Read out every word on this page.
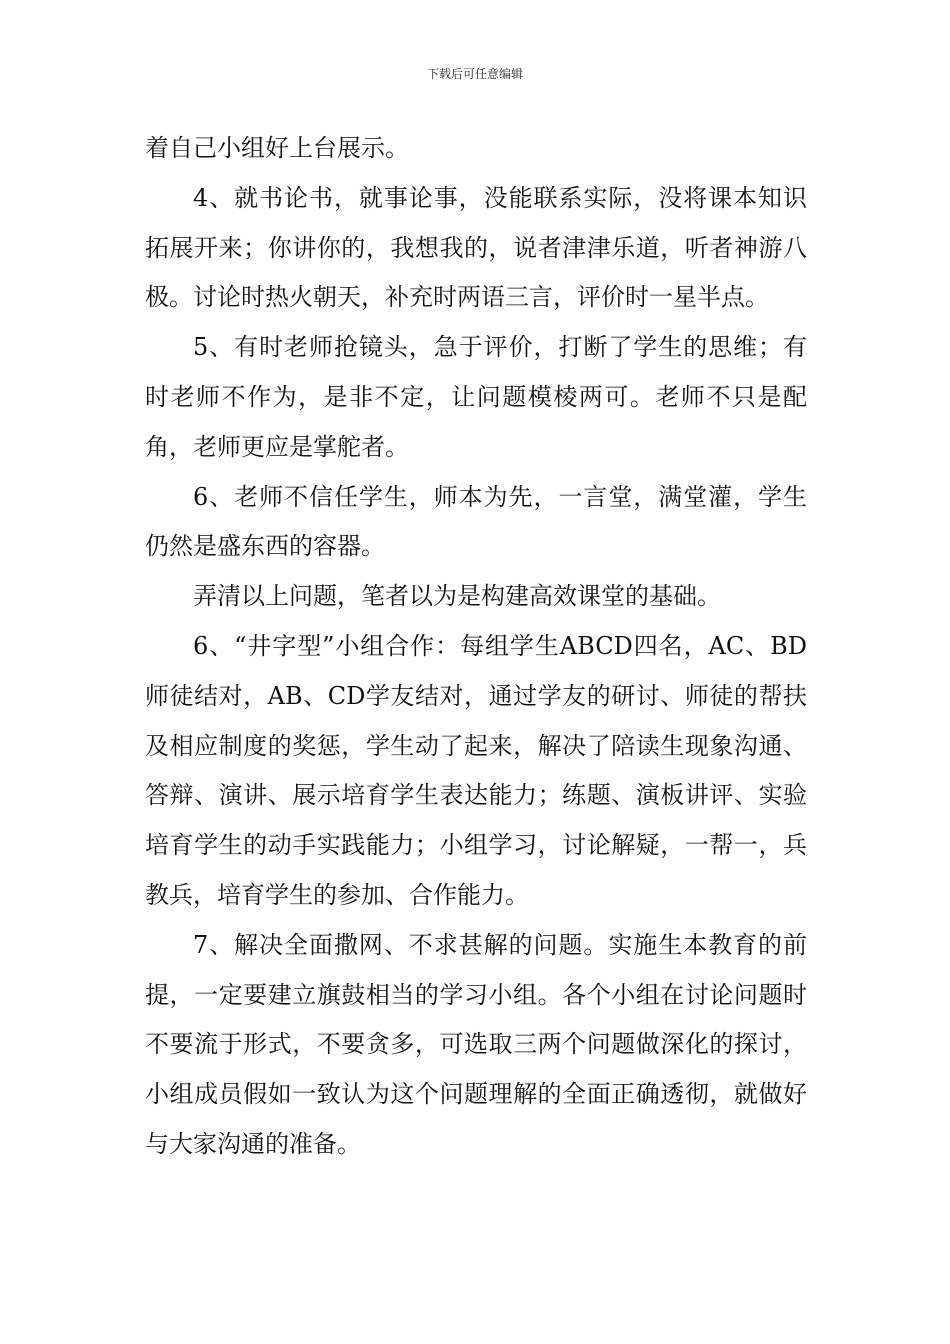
下载后可任意编辑

着自己小组好上台展示。

4、就书论书，就事论事，没能联系实际，没将课本知识拓展开来；你讲你的，我想我的，说者津津乐道，听者神游八极。讨论时热火朝天，补充时两语三言，评价时一星半点。

5、有时老师抢镜头，急于评价，打断了学生的思维；有时老师不作为，是非不定，让问题模棱两可。老师不只是配角，老师更应是掌舵者。

6、老师不信任学生，师本为先，一言堂，满堂灌，学生仍然是盛东西的容器。

弄清以上问题，笔者以为是构建高效课堂的基础。

6、“井字型”小组合作：每组学生ABCD四名，AC、BD师徒结对，AB、CD学友结对，通过学友的研讨、师徒的帮扶及相应制度的奖惩，学生动了起来，解决了陪读生现象沟通、答辩、演讲、展示培育学生表达能力；练题、演板讲评、实验培育学生的动手实践能力；小组学习，讨论解疑，一帮一，兵教兵，培育学生的参加、合作能力。

7、解决全面撒网、不求甚解的问题。实施生本教育的前提，一定要建立旗鼓相当的学习小组。各个小组在讨论问题时不要流于形式，不要贪多，可选取三两个问题做深化的探讨，小组成员假如一致认为这个问题理解的全面正确透彻，就做好与大家沟通的准备。
